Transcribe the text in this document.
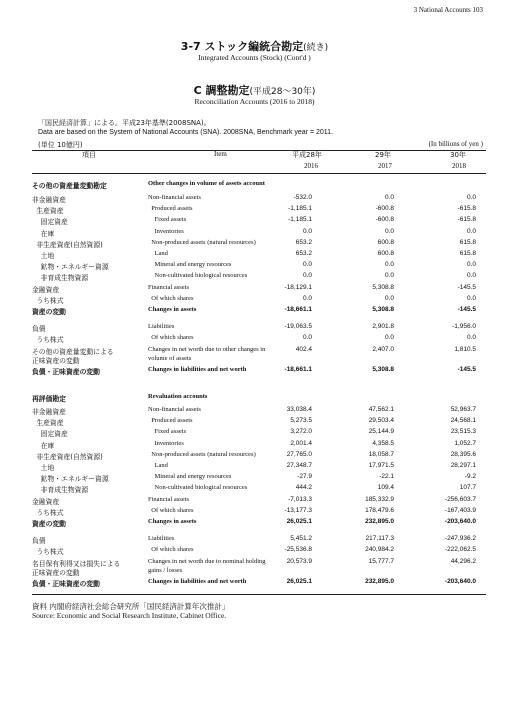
3 National Accounts 103
3-7 ストック編統合勘定(続き)
Integrated Accounts (Stock) (Cont'd )
C 調整勘定(平成28～30年)
Reconciliation Accounts (2016 to 2018)
「国民経済計算」による。平成23年基準(2008SNA)。
Data are based on the System of National Accounts (SNA). 2008SNA, Benchmark year = 2011.
(単位 10億円)	(In billions of yen )
項目	Item	平成28年
2016
29年
2017
30年
2018
その他の資産量変動勘定	Other changes in volume of assets account
非金融資産	Non-financial assets	-532.0	0.0	0.0
生産資産	Produced assets	-1,185.1	-600.8	-615.8
固定資産	Fixed assets	-1,185.1	-600.8	-615.8
在庫	Inventories	0.0	0.0	0.0
非生産資産(自然資源)	Non-produced assets (natural resources)	653.2	600.8	615.8
土地	Land	653.2	600.8	615.8
鉱物・エネルギー資源	Mineral and energy resources	0.0	0.0	0.0
非育成生物資源	Non-cultivated biological resources	0.0	0.0	0.0
金融資産	Financial assets	-18,129.1	5,308.8	-145.5
うち株式	Of which shares	0.0	0.0	0.0
資産の変動	Changes in assets	-18,661.1	5,308.8	-145.5
負債	Liabilities	-19,063.5	2,901.8	-1,956.0
うち株式	Of which shares	0.0	0.0	0.0
その他の資産量変動による
正味資産の変動
Changes in net worth due to other changes in
volume of assets
402.4	2,407.0	1,810.5
負債・正味資産の変動	Changes in liabilities and net worth	-18,661.1	5,308.8	-145.5
再評価勘定	Revaluation accounts
非金融資産	Non-financial assets	33,038.4	47,562.1	52,963.7
生産資産	Produced assets	5,273.5	29,503.4	24,568.1
固定資産	Fixed assets	3,272.0	25,144.9	23,515.3
在庫	Inventories	2,001.4	4,358.5	1,052.7
非生産資産(自然資源)	Non-produced assets (natural resources)	27,765.0	18,058.7	28,395.6
土地	Land	27,348.7	17,971.5	28,297.1
鉱物・エネルギー資源	Mineral and energy resources	-27.9	-22.1	-9.2
非育成生物資源	Non-cultivated biological resources	444.2	109.4	107.7
金融資産	Financial assets	-7,013.3	185,332.9	-256,603.7
うち株式	Of which shares	-13,177.3	178,479.6	-167,403.9
資産の変動	Changes in assets	26,025.1	232,895.0	-203,640.0
負債	Liabilities	5,451.2	217,117.3	-247,936.2
うち株式	Of which shares	-25,536.8	240,984.2	-222,062.5
名目保有利得又は損失による
正味資産の変動
Changes in net worth due to nominal holding
gains / losses
20,573.9	15,777.7	44,296.2
負債・正味資産の変動	Changes in liabilities and net worth	26,025.1	232,895.0	-203,640.0
資料 内閣府経済社会総合研究所「国民経済計算年次推計」
Source: Economic and Social Research Institute, Cabinet Office.
